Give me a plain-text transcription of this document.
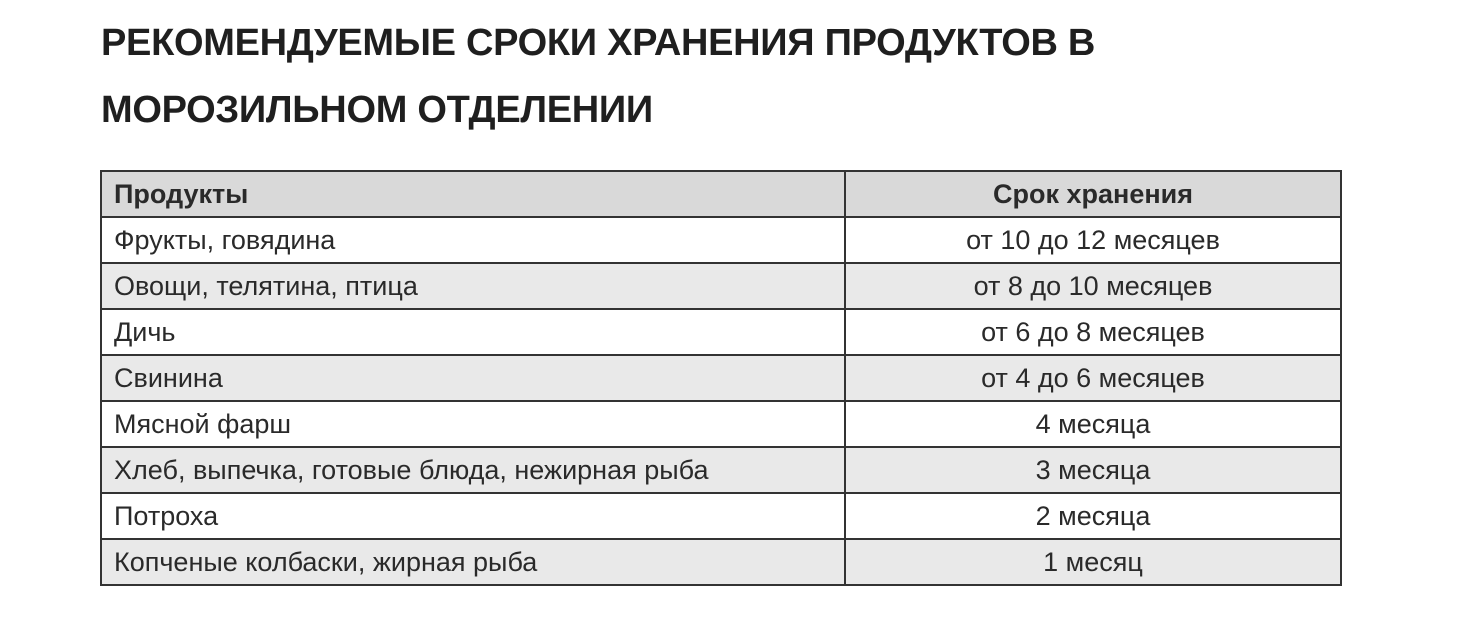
РЕКОМЕНДУЕМЫЕ СРОКИ ХРАНЕНИЯ ПРОДУКТОВ В МОРОЗИЛЬНОМ ОТДЕЛЕНИИ
Продукты	Срок хранения
Фрукты, говядина	от 10 до 12 месяцев
Овощи, телятина, птица	от 8 до 10 месяцев
Дичь	от 6 до 8 месяцев
Свинина	от 4 до 6 месяцев
Мясной фарш	4 месяца
Хлеб, выпечка, готовые блюда, нежирная рыба	3 месяца
Потроха	2 месяца
Копченые колбаски, жирная рыба	1 месяц
